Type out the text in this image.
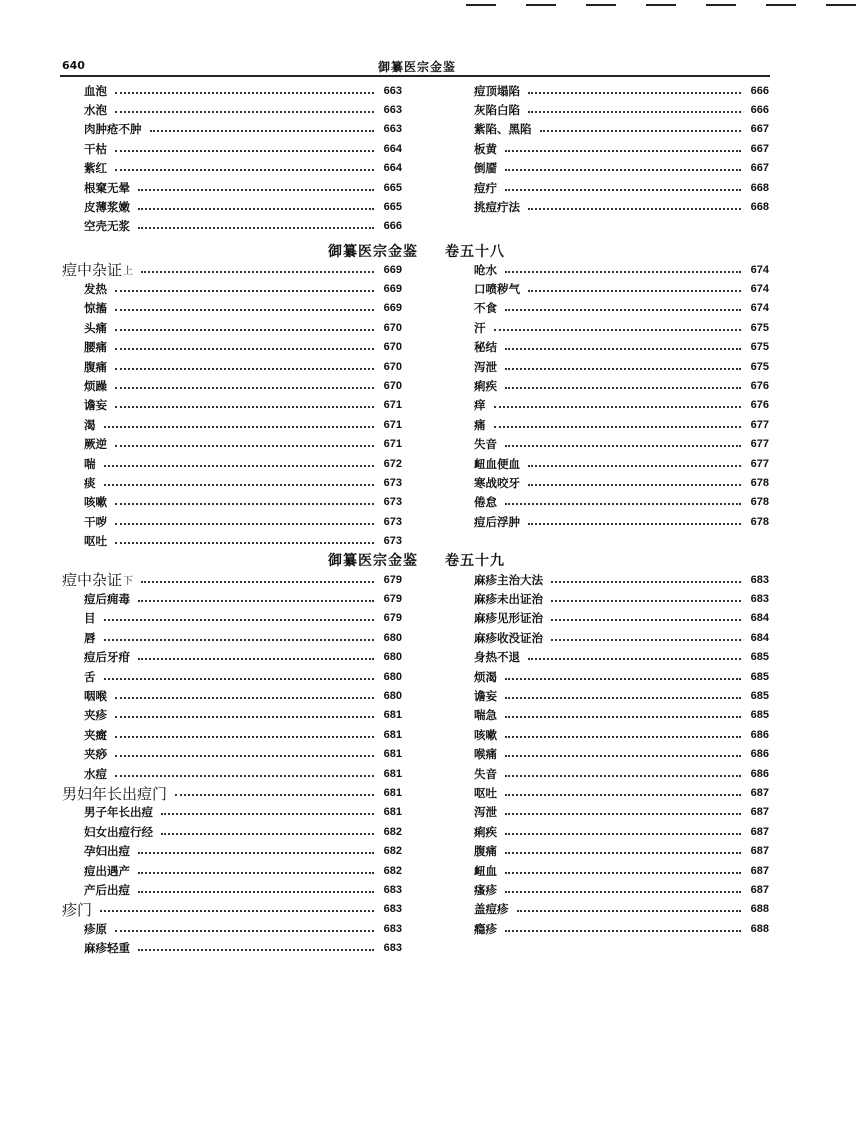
640	御纂医宗金鉴
血泡	663
水泡	663
肉肿疮不肿	663
干枯	664
紫红	664
根窠无晕	665
皮薄浆嫩	665
空壳无浆	666
痘顶塌陷	666
灰陷白陷	666
紫陷、黑陷	667
板黄	667
倒靥	667
痘疔	668
挑痘疔法	668
御纂医宗金鉴 卷五十八
痘中杂证 上	669
发热	669
惊搐	669
头痛	670
腰痛	670
腹痛	670
烦躁	670
谵妄	671
渴	671
厥逆	671
喘	672
痰	673
咳嗽	673
干哕	673
呕吐	673
呛水	674
口喷秽气	674
不食	674
汗	675
秘结	675
泻泄	675
痢疾	676
痒	676
痛	677
失音	677
衄血便血	677
寒战咬牙	678
倦怠	678
痘后浮肿	678
御纂医宗金鉴 卷五十九
痘中杂证 下	679
痘后痈毒	679
目	679
唇	680
痘后牙疳	680
舌	680
咽喉	680
夹疹	681
夹癍	681
夹痧	681
水痘	681
男妇年长出痘门	681
男子年长出痘	681
妇女出痘行经	682
孕妇出痘	682
痘出遇产	682
产后出痘	683
疹门	683
疹原	683
麻疹轻重	683
麻疹主治大法	683
麻疹未出证治	683
麻疹见形证治	684
麻疹收没证治	684
身热不退	685
烦渴	685
谵妄	685
喘急	685
咳嗽	686
喉痛	686
失音	686
呕吐	687
泻泄	687
痢疾	687
腹痛	687
衄血	687
瘙疹	687
盖痘疹	688
瘾疹	688
